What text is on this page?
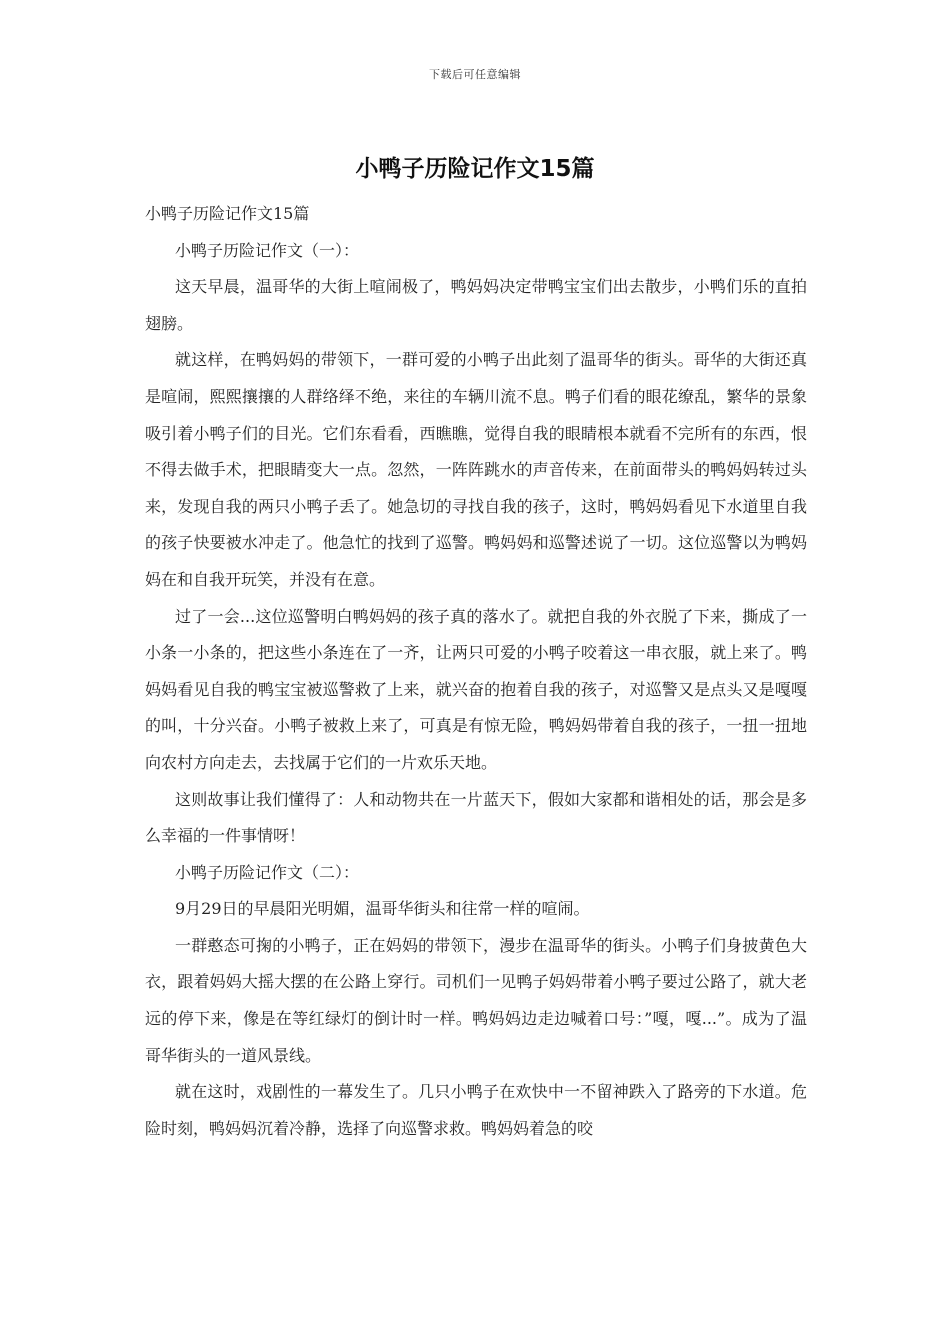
下载后可任意编辑
小鸭子历险记作文15篇

小鸭子历险记作文15篇

小鸭子历险记作文（一）：

这天早晨，温哥华的大街上喧闹极了，鸭妈妈决定带鸭宝宝们出去散步，小鸭们乐的直拍翅膀。

就这样，在鸭妈妈的带领下，一群可爱的小鸭子出此刻了温哥华的街头。哥华的大街还真是喧闹，熙熙攘攘的人群络绎不绝，来往的车辆川流不息。鸭子们看的眼花缭乱，繁华的景象吸引着小鸭子们的目光。它们东看看，西瞧瞧，觉得自我的眼睛根本就看不完所有的东西，恨不得去做手术，把眼睛变大一点。忽然，一阵阵跳水的声音传来，在前面带头的鸭妈妈转过头来，发现自我的两只小鸭子丢了。她急切的寻找自我的孩子，这时，鸭妈妈看见下水道里自我的孩子快要被水冲走了。他急忙的找到了巡警。鸭妈妈和巡警述说了一切。这位巡警以为鸭妈妈在和自我开玩笑，并没有在意。

过了一会...这位巡警明白鸭妈妈的孩子真的落水了。就把自我的外衣脱了下来，撕成了一小条一小条的，把这些小条连在了一齐，让两只可爱的小鸭子咬着这一串衣服，就上来了。鸭妈妈看见自我的鸭宝宝被巡警救了上来，就兴奋的抱着自我的孩子，对巡警又是点头又是嘎嘎的叫，十分兴奋。小鸭子被救上来了，可真是有惊无险，鸭妈妈带着自我的孩子，一扭一扭地向农村方向走去，去找属于它们的一片欢乐天地。

这则故事让我们懂得了：人和动物共在一片蓝天下，假如大家都和谐相处的话，那会是多么幸福的一件事情呀！

小鸭子历险记作文（二）：

9月29日的早晨阳光明媚，温哥华街头和往常一样的喧闹。

一群憨态可掬的小鸭子，正在妈妈的带领下，漫步在温哥华的街头。小鸭子们身披黄色大衣，跟着妈妈大摇大摆的在公路上穿行。司机们一见鸭子妈妈带着小鸭子要过公路了，就大老远的停下来，像是在等红绿灯的倒计时一样。鸭妈妈边走边喊着口号：”嘎，嘎...”。成为了温哥华街头的一道风景线。

就在这时，戏剧性的一幕发生了。几只小鸭子在欢快中一不留神跌入了路旁的下水道。危险时刻，鸭妈妈沉着冷静，选择了向巡警求救。鸭妈妈着急的咬
